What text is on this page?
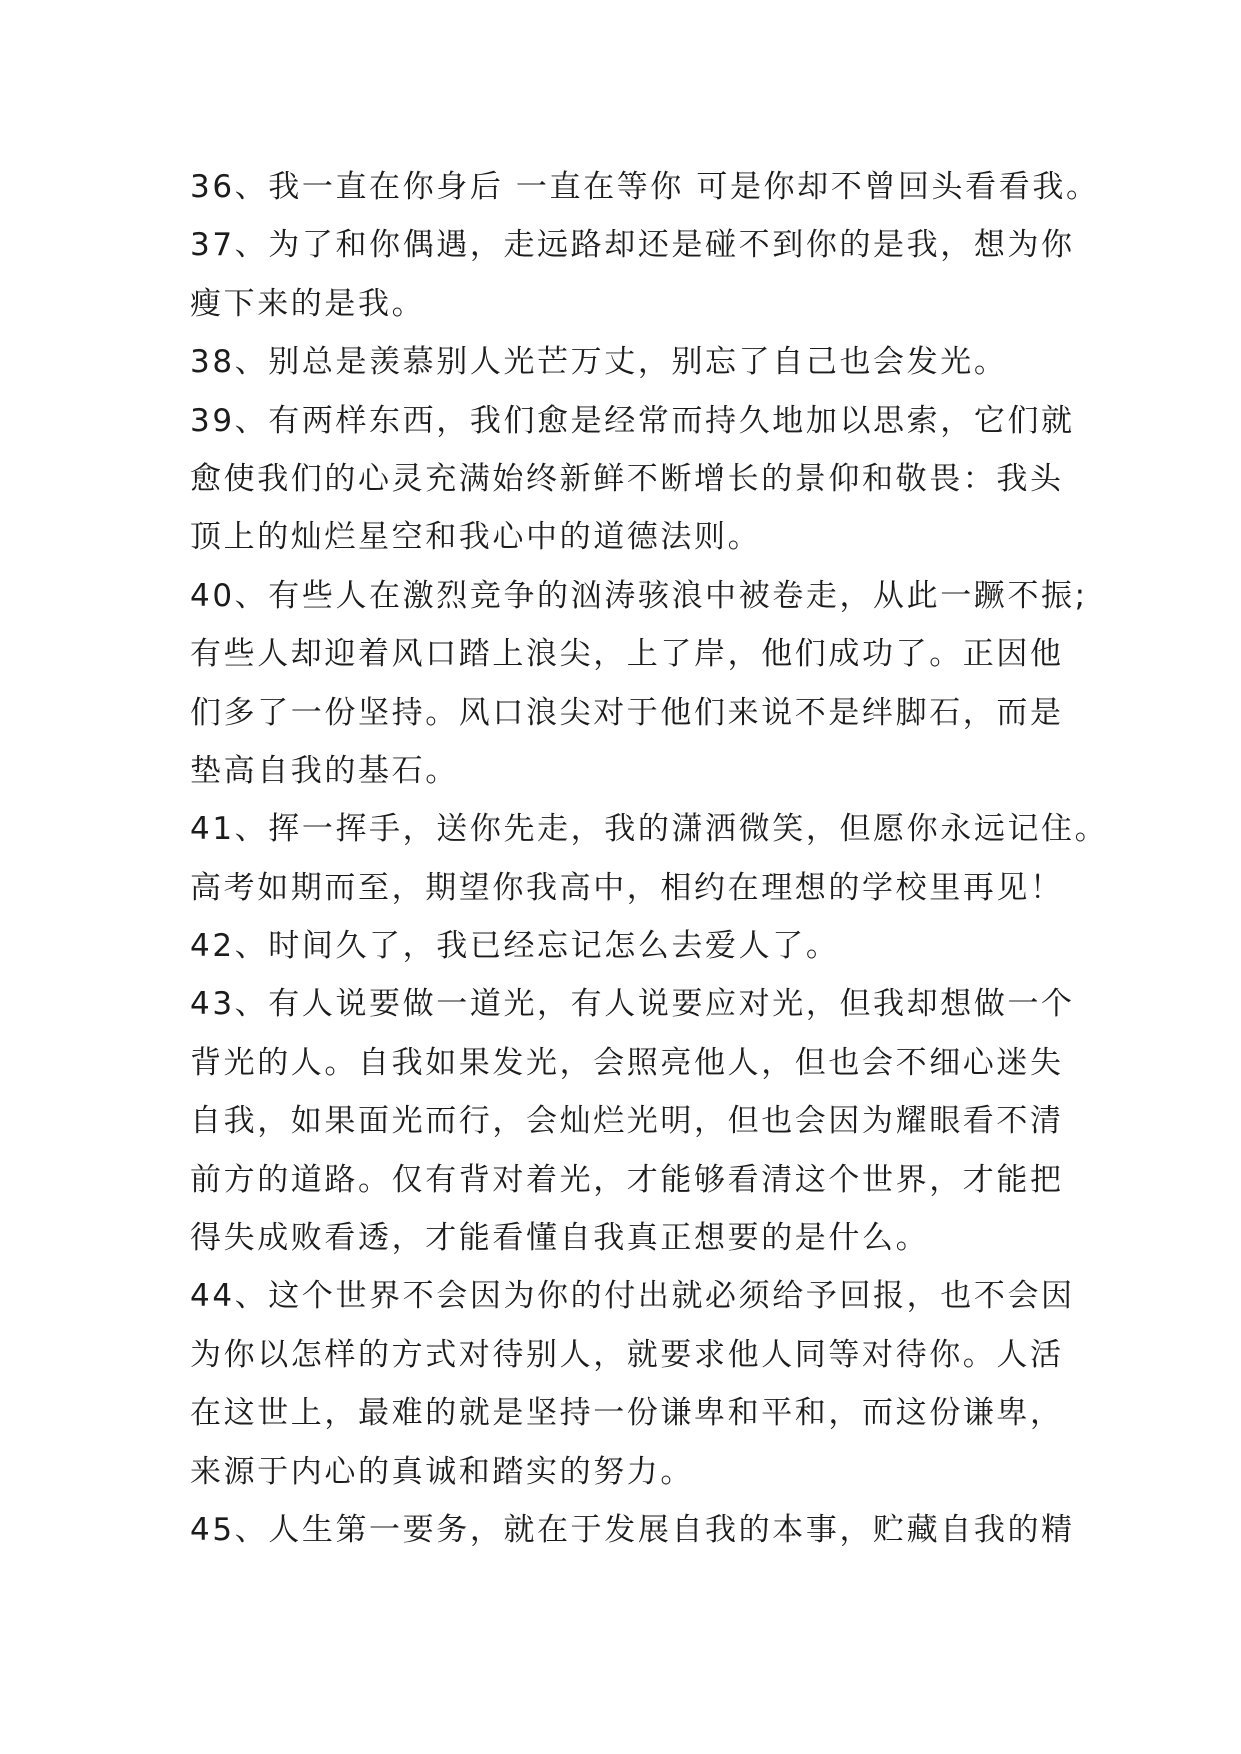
36、我一直在你身后 一直在等你 可是你却不曾回头看看我。
37、为了和你偶遇，走远路却还是碰不到你的是我，想为你
瘦下来的是我。
38、别总是羡慕别人光芒万丈，别忘了自己也会发光。
39、有两样东西，我们愈是经常而持久地加以思索，它们就
愈使我们的心灵充满始终新鲜不断增长的景仰和敬畏：我头
顶上的灿烂星空和我心中的道德法则。
40、有些人在激烈竞争的汹涛骇浪中被卷走，从此一蹶不振;
有些人却迎着风口踏上浪尖，上了岸，他们成功了。正因他
们多了一份坚持。风口浪尖对于他们来说不是绊脚石，而是
垫高自我的基石。
41、挥一挥手，送你先走，我的潇洒微笑，但愿你永远记住。
高考如期而至，期望你我高中，相约在理想的学校里再见！
42、时间久了，我已经忘记怎么去爱人了。
43、有人说要做一道光，有人说要应对光，但我却想做一个
背光的人。自我如果发光，会照亮他人，但也会不细心迷失
自我，如果面光而行，会灿烂光明，但也会因为耀眼看不清
前方的道路。仅有背对着光，才能够看清这个世界，才能把
得失成败看透，才能看懂自我真正想要的是什么。
44、这个世界不会因为你的付出就必须给予回报，也不会因
为你以怎样的方式对待别人，就要求他人同等对待你。人活
在这世上，最难的就是坚持一份谦卑和平和，而这份谦卑，
来源于内心的真诚和踏实的努力。
45、人生第一要务，就在于发展自我的本事，贮藏自我的精
